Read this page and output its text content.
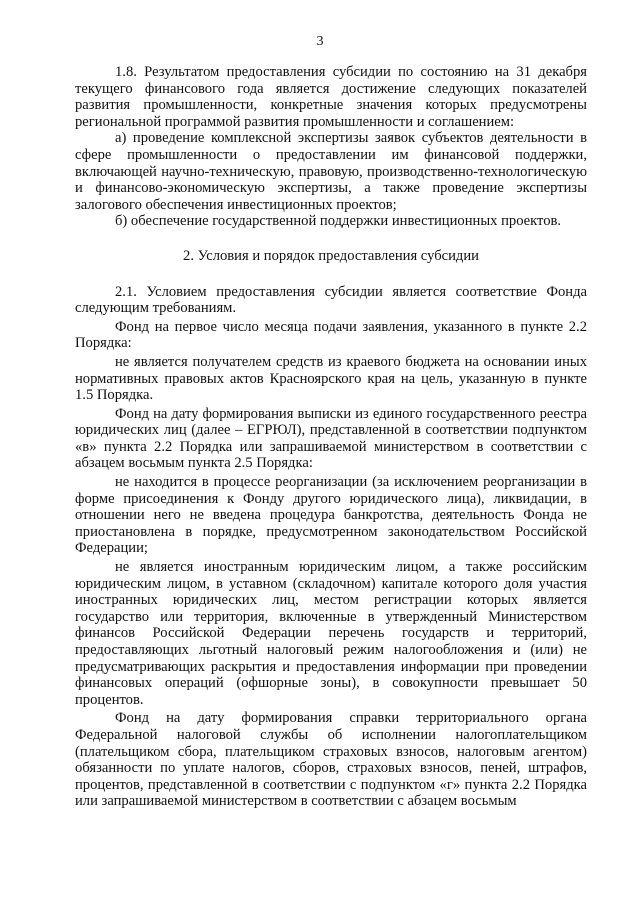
3

1.8. Результатом предоставления субсидии по состоянию на 31 декабря текущего финансового года является достижение следующих показателей развития промышленности, конкретные значения которых предусмотрены региональной программой развития промышленности и соглашением:

а) проведение комплексной экспертизы заявок субъектов деятельности в сфере промышленности о предоставлении им финансовой поддержки, включающей научно-техническую, правовую, производственно-технологическую и финансово-экономическую экспертизы, а также проведение экспертизы залогового обеспечения инвестиционных проектов;

б) обеспечение государственной поддержки инвестиционных проектов.

2. Условия и порядок предоставления субсидии

2.1. Условием предоставления субсидии является соответствие Фонда следующим требованиям.

Фонд на первое число месяца подачи заявления, указанного в пункте 2.2 Порядка:

не является получателем средств из краевого бюджета на основании иных нормативных правовых актов Красноярского края на цель, указанную в пункте 1.5 Порядка.

Фонд на дату формирования выписки из единого государственного реестра юридических лиц (далее – ЕГРЮЛ), представленной в соответствии подпунктом «в» пункта 2.2 Порядка или запрашиваемой министерством в соответствии с абзацем восьмым пункта 2.5 Порядка:

не находится в процессе реорганизации (за исключением реорганизации в форме присоединения к Фонду другого юридического лица), ликвидации, в отношении него не введена процедура банкротства, деятельность Фонда не приостановлена в порядке, предусмотренном законодательством Российской Федерации;

не является иностранным юридическим лицом, а также российским юридическим лицом, в уставном (складочном) капитале которого доля участия иностранных юридических лиц, местом регистрации которых является государство или территория, включенные в утвержденный Министерством финансов Российской Федерации перечень государств и территорий, предоставляющих льготный налоговый режим налогообложения и (или) не предусматривающих раскрытия и предоставления информации при проведении финансовых операций (офшорные зоны), в совокупности превышает 50 процентов.

Фонд на дату формирования справки территориального органа Федеральной налоговой службы об исполнении налогоплательщиком (плательщиком сбора, плательщиком страховых взносов, налоговым агентом) обязанности по уплате налогов, сборов, страховых взносов, пеней, штрафов, процентов, представленной в соответствии с подпунктом «г» пункта 2.2 Порядка или запрашиваемой министерством в соответствии с абзацем восьмым
